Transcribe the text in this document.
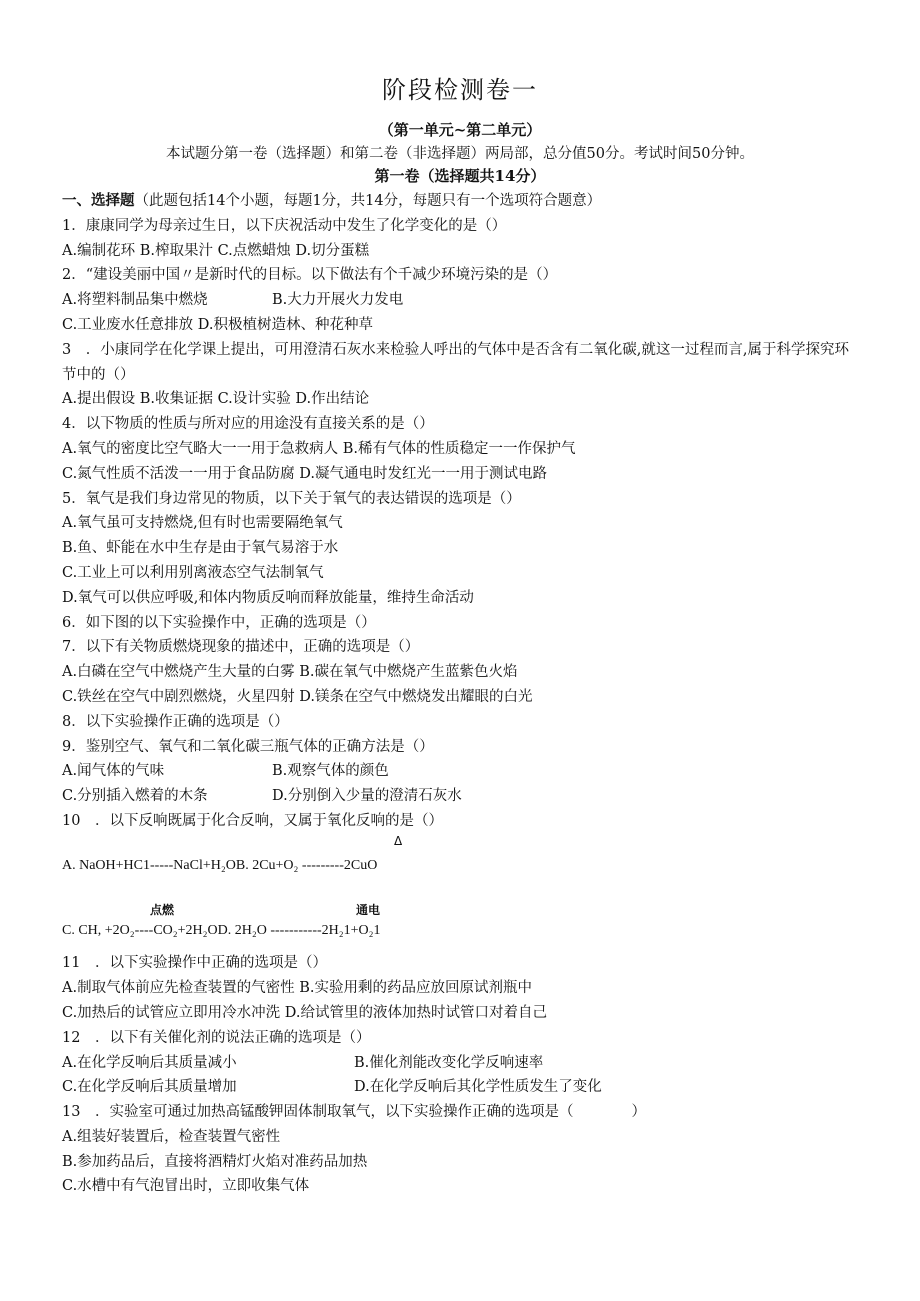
阶段检测卷一
（第一单元~第二单元）
本试题分第一卷（选择题）和第二卷（非选择题）两局部，总分值50分。考试时间50分钟。
第一卷（选择题共14分）
一、选择题（此题包括14个小题，每题1分，共14分，每题只有一个选项符合题意）
1．康康同学为母亲过生日，以下庆祝活动中发生了化学变化的是（）
A.编制花环 B.榨取果汁 C.点燃蜡烛 D.切分蛋糕
2．“建设美丽中国〃是新时代的目标。以下做法有个千减少环境污染的是（）
A.将塑料制品集中燃烧	B.大力开展火力发电
C.工业废水任意排放 D.积极植树造林、种花种草
3　．小康同学在化学课上提出，可用澄清石灰水来检验人呼出的气体中是否含有二氧化碳,就这一过程而言,属于科学探究环节中的（）
A.提出假设 B.收集证据 C.设计实验 D.作出结论
4．以下物质的性质与所对应的用途没有直接关系的是（）
A.氧气的密度比空气略大一一用于急救病人 B.稀有气体的性质稳定一一作保护气
C.氮气性质不活泼一一用于食品防腐 D.凝气通电时发红光一一用于测试电路
5．氧气是我们身边常见的物质，以下关于氧气的表达错误的选项是（）
A.氧气虽可支持燃烧,但有时也需要隔绝氧气
B.鱼、虾能在水中生存是由于氧气易溶于水
C.工业上可以利用别离液态空气法制氧气
D.氧气可以供应呼吸,和体内物质反响而释放能量，维持生命活动
6．如下图的以下实验操作中，正确的选项是（）
7．以下有关物质燃烧现象的描述中，正确的选项是（）
A.白磷在空气中燃烧产生大量的白雾 B.碳在氧气中燃烧产生蓝紫色火焰
C.铁丝在空气中剧烈燃烧，火星四射 D.镁条在空气中燃烧发出耀眼的白光
8．以下实验操作正确的选项是（）
9．鉴别空气、氧气和二氧化碳三瓶气体的正确方法是（）
A.闻气体的气味	B.观察气体的颜色
C.分别插入燃着的木条	D.分别倒入少量的澄清石灰水
10　．以下反响既属于化合反响，又属于氧化反响的是（）
Δ
A. NaOH+HC1-----NaCl+H₂OB. 2Cu+O₂ ---------2CuO
点燃	通电
C. CH, +2O₂----CO₂+2H₂OD. 2H₂O -----------2H₂1+O₂1
11　．以下实验操作中正确的选项是（）
A.制取气体前应先检查装置的气密性 B.实验用剩的药品应放回原试剂瓶中
C.加热后的试管应立即用冷水冲洗 D.给试管里的液体加热时试管口对着自己
12　．以下有关催化剂的说法正确的选项是（）
A.在化学反响后其质量减小	B.催化剂能改变化学反响速率
C.在化学反响后其质量增加	D.在化学反响后其化学性质发生了变化
13　．实验室可通过加热高锰酸钾固体制取氧气，以下实验操作正确的选项是（　　　　）
A.组装好装置后，检查装置气密性
B.参加药品后，直接将酒精灯火焰对准药品加热
C.水槽中有气泡冒出时，立即收集气体
